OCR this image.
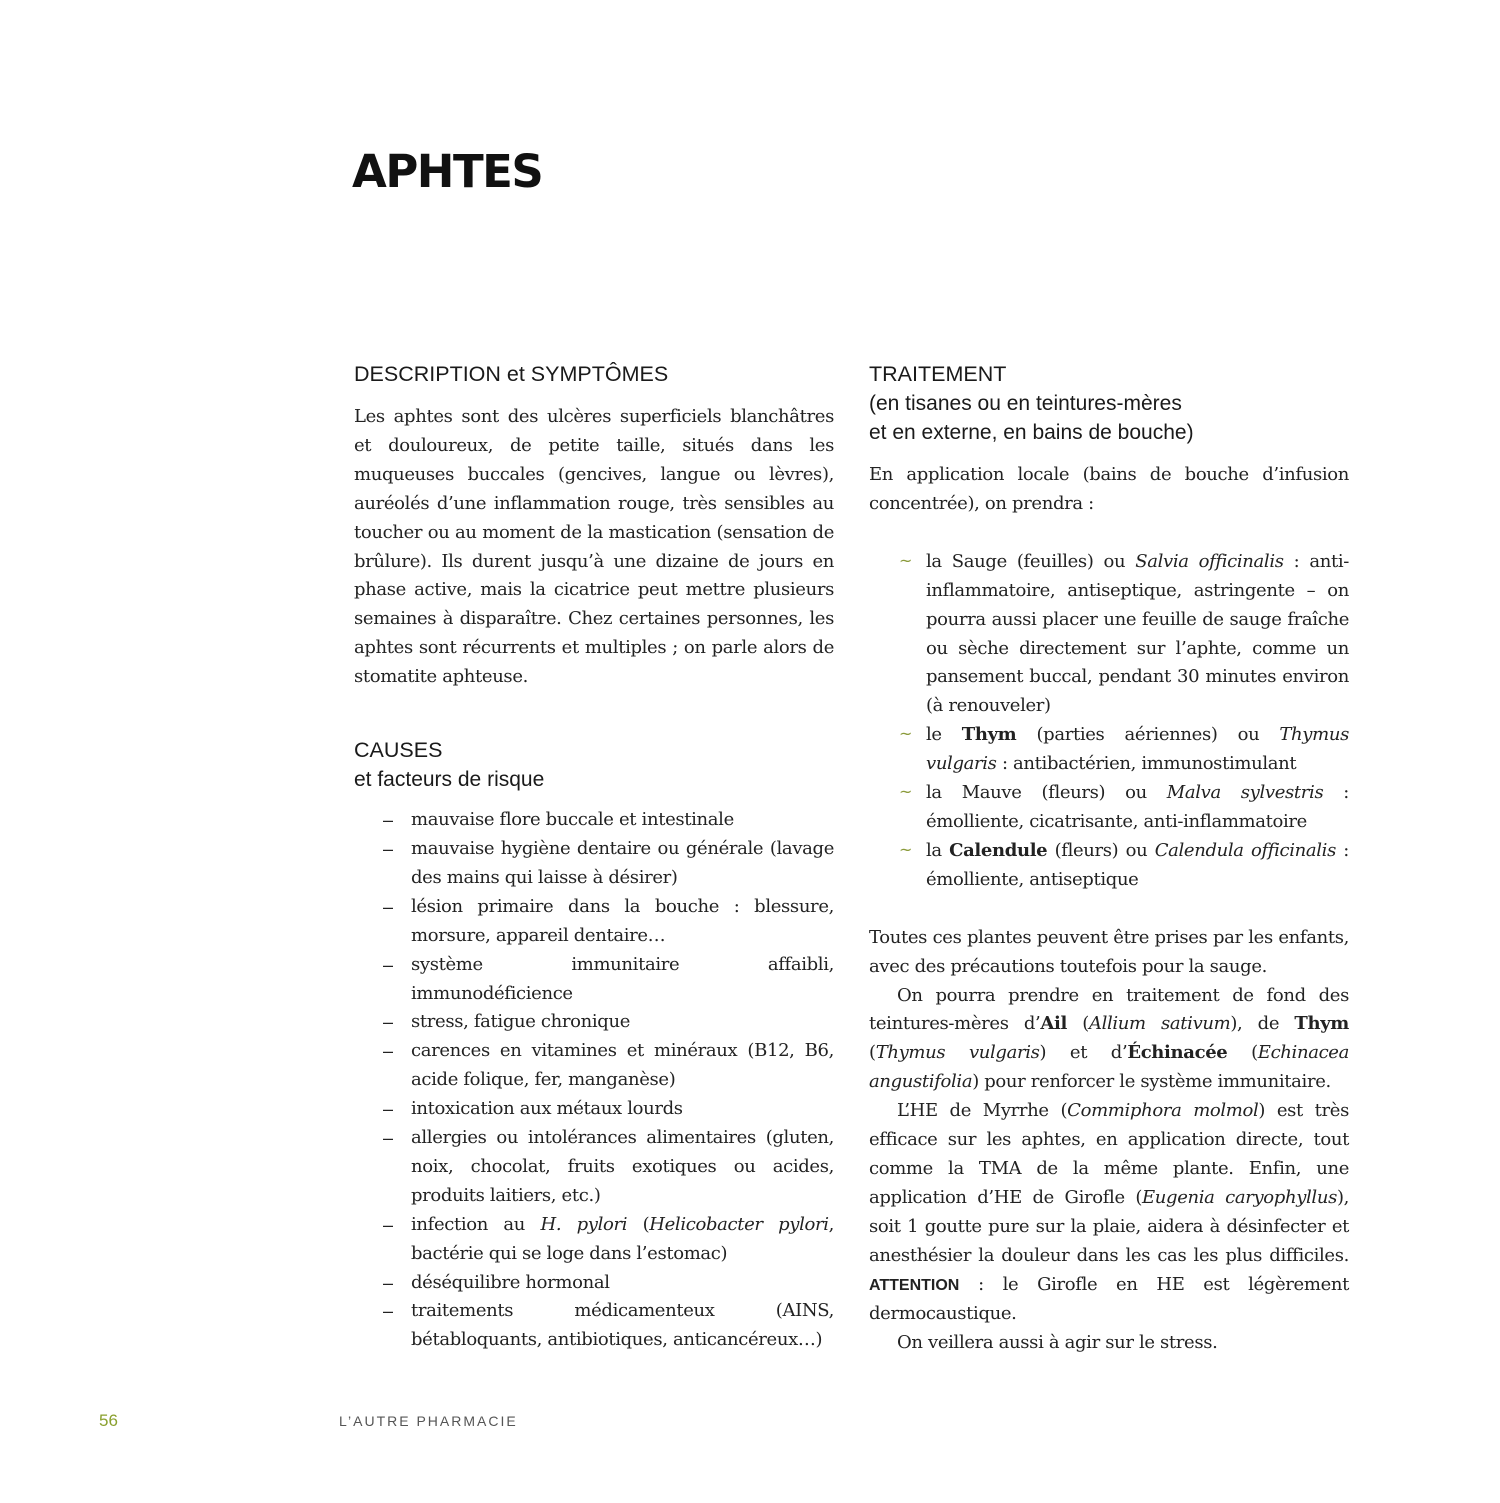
APHTES
DESCRIPTION et SYMPTÔMES

Les aphtes sont des ulcères superficiels blanchâtres et douloureux, de petite taille, situés dans les muqueuses buccales (gencives, langue ou lèvres), auréolés d’une inflammation rouge, très sensibles au toucher ou au moment de la mastication (sensation de brûlure). Ils durent jusqu’à une dizaine de jours en phase active, mais la cicatrice peut mettre plusieurs semaines à disparaître. Chez certaines personnes, les aphtes sont récurrents et multiples ; on parle alors de stomatite aphteuse.

CAUSES
et facteurs de risque
– mauvaise flore buccale et intestinale
– mauvaise hygiène dentaire ou générale (lavage des mains qui laisse à désirer)
– lésion primaire dans la bouche : blessure, morsure, appareil dentaire…
– système immunitaire affaibli, immunodéficience
– stress, fatigue chronique
– carences en vitamines et minéraux (B12, B6, acide folique, fer, manganèse)
– intoxication aux métaux lourds
– allergies ou intolérances alimentaires (gluten, noix, chocolat, fruits exotiques ou acides, produits laitiers, etc.)
– infection au H. pylori (Helicobacter pylori, bactérie qui se loge dans l’estomac)
– déséquilibre hormonal
– traitements médicamenteux (AINS, bétabloquants, antibiotiques, anticancéreux…)
TRAITEMENT
(en tisanes ou en teintures-mères
et en externe, en bains de bouche)

En application locale (bains de bouche d’infusion concentrée), on prendra :

~ la Sauge (feuilles) ou Salvia officinalis : anti-inflammatoire, antiseptique, astringente – on pourra aussi placer une feuille de sauge fraîche ou sèche directement sur l’aphte, comme un pansement buccal, pendant 30 minutes environ (à renouveler)
~ le Thym (parties aériennes) ou Thymus vulgaris : antibactérien, immunostimulant
~ la Mauve (fleurs) ou Malva sylvestris : émolliente, cicatrisante, anti-inflammatoire
~ la Calendule (fleurs) ou Calendula officinalis : émolliente, antiseptique

Toutes ces plantes peuvent être prises par les enfants, avec des précautions toutefois pour la sauge.

On pourra prendre en traitement de fond des teintures-mères d’Ail (Allium sativum), de Thym (Thymus vulgaris) et d’Échinacée (Echinacea angustifolia) pour renforcer le système immunitaire.

L’HE de Myrrhe (Commiphora molmol) est très efficace sur les aphtes, en application directe, tout comme la TMA de la même plante. Enfin, une application d’HE de Girofle (Eugenia caryophyllus), soit 1 goutte pure sur la plaie, aidera à désinfecter et anesthésier la douleur dans les cas les plus difficiles. ATTENTION : le Girofle en HE est légèrement dermocaustique.

On veillera aussi à agir sur le stress.

56	L’AUTRE PHARMACIE
